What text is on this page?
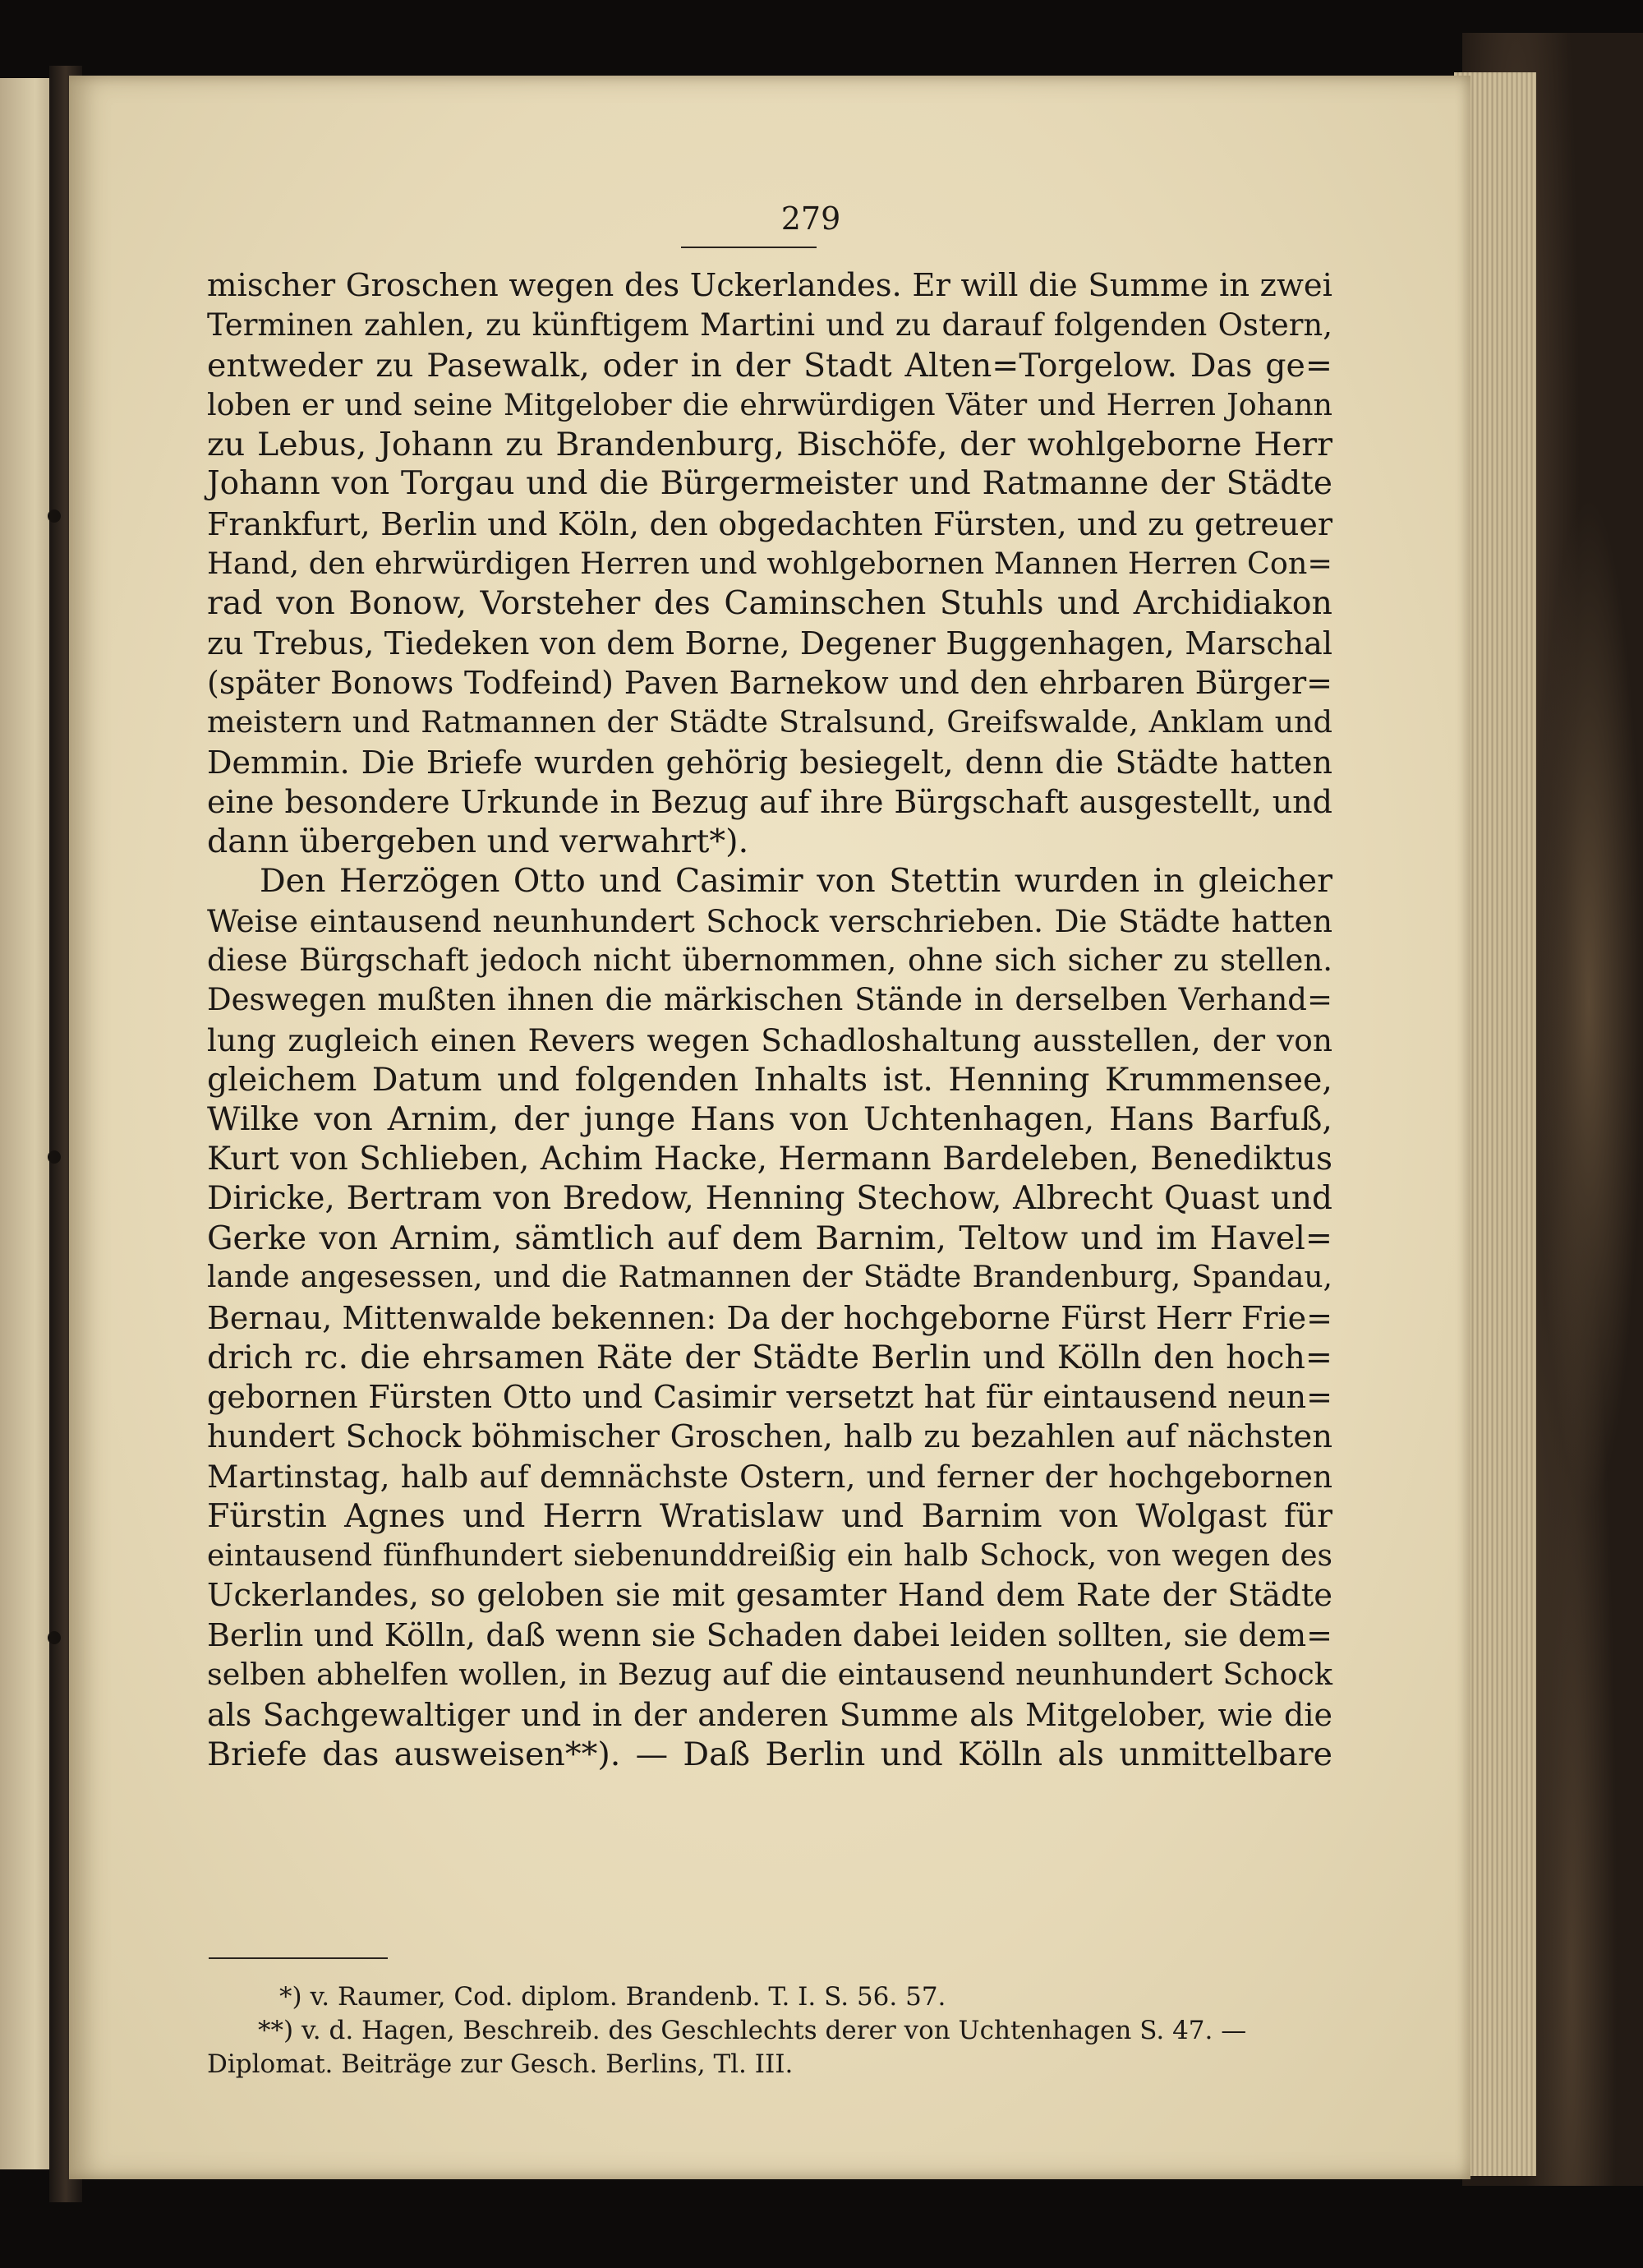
279
mischer Groschen wegen des Uckerlandes. Er will die Summe in zwei
Terminen zahlen, zu künftigem Martini und zu darauf folgenden Ostern,
entweder zu Pasewalk, oder in der Stadt Alten=Torgelow. Das ge=
loben er und seine Mitgelober die ehrwürdigen Väter und Herren Johann
zu Lebus, Johann zu Brandenburg, Bischöfe, der wohlgeborne Herr
Johann von Torgau und die Bürgermeister und Ratmanne der Städte
Frankfurt, Berlin und Köln, den obgedachten Fürsten, und zu getreuer
Hand, den ehrwürdigen Herren und wohlgebornen Mannen Herren Con=
rad von Bonow, Vorsteher des Caminschen Stuhls und Archidiakon
zu Trebus, Tiedeken von dem Borne, Degener Buggenhagen, Marschal
(später Bonows Todfeind) Paven Barnekow und den ehrbaren Bürger=
meistern und Ratmannen der Städte Stralsund, Greifswalde, Anklam und
Demmin. Die Briefe wurden gehörig besiegelt, denn die Städte hatten
eine besondere Urkunde in Bezug auf ihre Bürgschaft ausgestellt, und
dann übergeben und verwahrt*).
Den Herzögen Otto und Casimir von Stettin wurden in gleicher
Weise eintausend neunhundert Schock verschrieben. Die Städte hatten
diese Bürgschaft jedoch nicht übernommen, ohne sich sicher zu stellen.
Deswegen mußten ihnen die märkischen Stände in derselben Verhand=
lung zugleich einen Revers wegen Schadloshaltung ausstellen, der von
gleichem Datum und folgenden Inhalts ist. Henning Krummensee,
Wilke von Arnim, der junge Hans von Uchtenhagen, Hans Barfuß,
Kurt von Schlieben, Achim Hacke, Hermann Bardeleben, Benediktus
Diricke, Bertram von Bredow, Henning Stechow, Albrecht Quast und
Gerke von Arnim, sämtlich auf dem Barnim, Teltow und im Havel=
lande angesessen, und die Ratmannen der Städte Brandenburg, Spandau,
Bernau, Mittenwalde bekennen: Da der hochgeborne Fürst Herr Frie=
drich rc. die ehrsamen Räte der Städte Berlin und Kölln den hoch=
gebornen Fürsten Otto und Casimir versetzt hat für eintausend neun=
hundert Schock böhmischer Groschen, halb zu bezahlen auf nächsten
Martinstag, halb auf demnächste Ostern, und ferner der hochgebornen
Fürstin Agnes und Herrn Wratislaw und Barnim von Wolgast für
eintausend fünfhundert siebenunddreißig ein halb Schock, von wegen des
Uckerlandes, so geloben sie mit gesamter Hand dem Rate der Städte
Berlin und Kölln, daß wenn sie Schaden dabei leiden sollten, sie dem=
selben abhelfen wollen, in Bezug auf die eintausend neunhundert Schock
als Sachgewaltiger und in der anderen Summe als Mitgelober, wie die
Briefe das ausweisen**). — Daß Berlin und Kölln als unmittelbare
*) v. Raumer, Cod. diplom. Brandenb. T. I. S. 56. 57.
**) v. d. Hagen, Beschreib. des Geschlechts derer von Uchtenhagen S. 47. —
Diplomat. Beiträge zur Gesch. Berlins, Tl. III.
